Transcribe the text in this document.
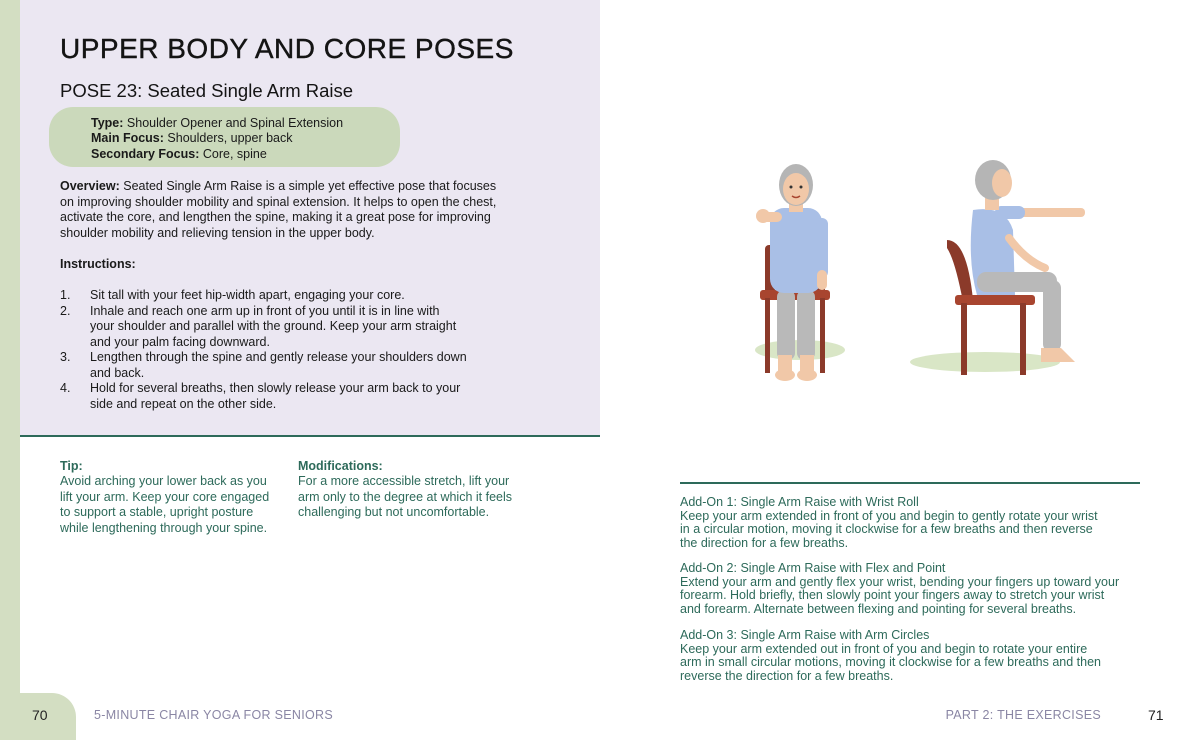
UPPER BODY AND CORE POSES
POSE 23: Seated Single Arm Raise
Type: Shoulder Opener and Spinal Extension
Main Focus: Shoulders, upper back
Secondary Focus: Core, spine
Overview: Seated Single Arm Raise is a simple yet effective pose that focuses
on improving shoulder mobility and spinal extension. It helps to open the chest,
activate the core, and lengthen the spine, making it a great pose for improving
shoulder mobility and relieving tension in the upper body.
Instructions:
1. Sit tall with your feet hip-width apart, engaging your core.
2. Inhale and reach one arm up in front of you until it is in line with
your shoulder and parallel with the ground. Keep your arm straight
and your palm facing downward.
3. Lengthen through the spine and gently release your shoulders down
and back.
4. Hold for several breaths, then slowly release your arm back to your
side and repeat on the other side.
Tip:
Avoid arching your lower back as you
lift your arm. Keep your core engaged
to support a stable, upright posture
while lengthening through your spine.
Modifications:
For a more accessible stretch, lift your
arm only to the degree at which it feels
challenging but not uncomfortable.
70	5-MINUTE CHAIR YOGA FOR SENIORS
Add-On 1: Single Arm Raise with Wrist Roll
Keep your arm extended in front of you and begin to gently rotate your wrist
in a circular motion, moving it clockwise for a few breaths and then reverse
the direction for a few breaths.
Add-On 2: Single Arm Raise with Flex and Point
Extend your arm and gently flex your wrist, bending your fingers up toward your
forearm. Hold briefly, then slowly point your fingers away to stretch your wrist
and forearm. Alternate between flexing and pointing for several breaths.
Add-On 3: Single Arm Raise with Arm Circles
Keep your arm extended out in front of you and begin to rotate your entire
arm in small circular motions, moving it clockwise for a few breaths and then
reverse the direction for a few breaths.
PART 2: THE EXERCISES	71
